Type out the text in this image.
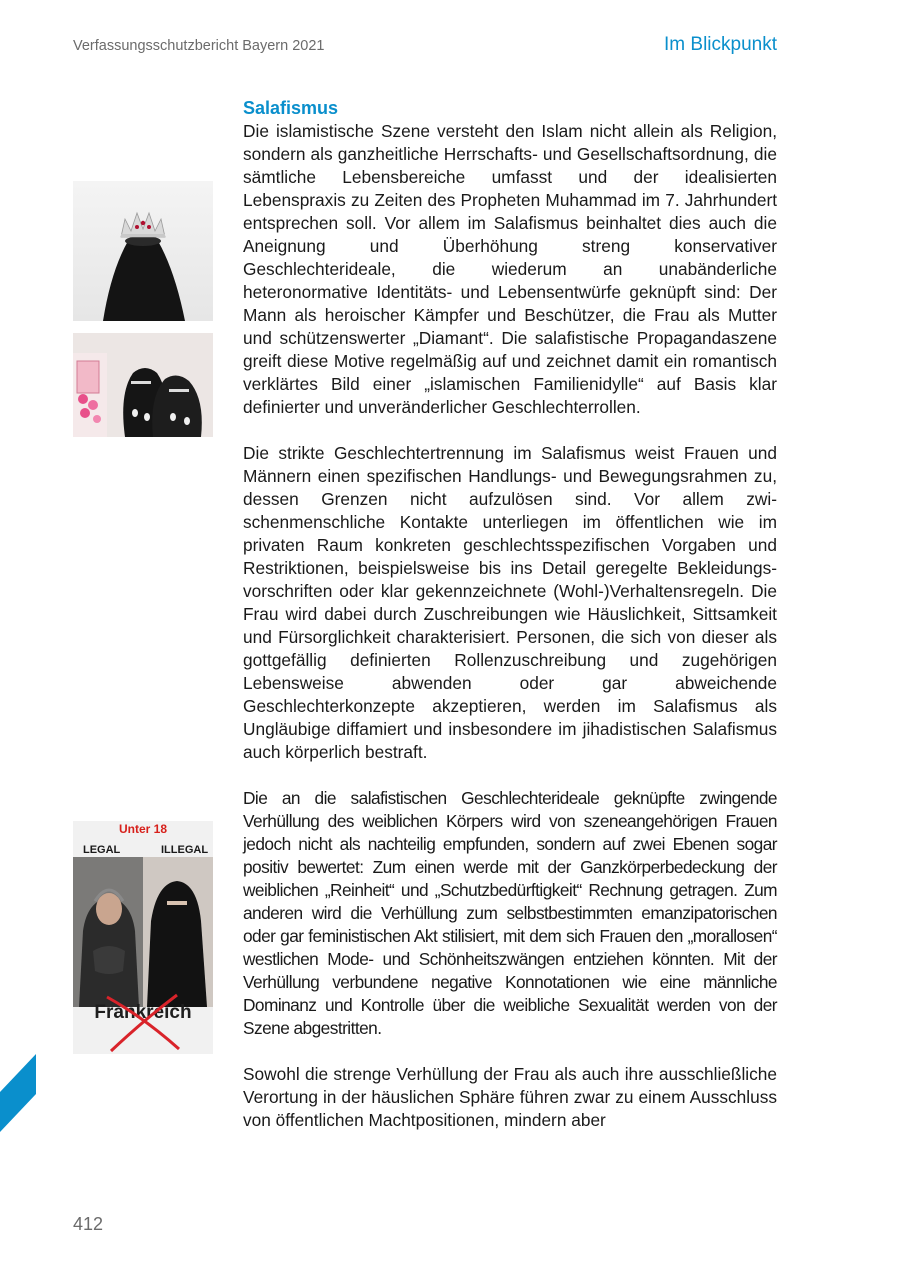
Verfassungsschutzbericht Bayern 2021	Im Blickpunkt
Unter 18
LEGAL	ILLEGAL
Frankreich
Salafismus

Die islamistische Szene versteht den Islam nicht allein als Religion, sondern als ganzheitliche Herrschafts- und Gesellschaftsordnung, die sämtliche Lebensbereiche umfasst und der idealisierten Lebenspraxis zu Zeiten des Propheten Muhammad im 7. Jahrhundert entsprechen soll. Vor allem im Salafismus beinhaltet dies auch die Aneignung und Überhöhung streng konservativer Geschlechterideale, die wiederum an unabänderliche heteronormative Identitäts- und Lebensentwürfe geknüpft sind: Der Mann als heroischer Kämpfer und Beschützer, die Frau als Mutter und schützenswerter „Diamant“. Die salafistische Propagandaszene greift diese Motive regelmäßig auf und zeichnet damit ein romantisch verklärtes Bild einer „islamischen Familienidylle“ auf Basis klar definierter und unveränderlicher Geschlechterrollen.

Die strikte Geschlechtertrennung im Salafismus weist Frauen und Männern einen spezifischen Handlungs- und Bewegungsrahmen zu, dessen Grenzen nicht aufzulösen sind. Vor allem zwischenmenschliche Kontakte unterliegen im öffentlichen wie im privaten Raum konkreten geschlechtsspezifischen Vorgaben und Restriktionen, beispielsweise bis ins Detail geregelte Bekleidungsvorschriften oder klar gekennzeichnete (Wohl-)Verhaltensregeln. Die Frau wird dabei durch Zuschreibungen wie Häuslichkeit, Sittsamkeit und Fürsorglichkeit charakterisiert. Personen, die sich von dieser als gottgefällig definierten Rollenzuschreibung und zugehörigen Lebensweise abwenden oder gar abweichende Geschlechterkonzepte akzeptieren, werden im Salafismus als Ungläubige diffamiert und insbesondere im jihadistischen Salafismus auch körperlich bestraft.

Die an die salafistischen Geschlechterideale geknüpfte zwingende Verhüllung des weiblichen Körpers wird von szeneangehörigen Frauen jedoch nicht als nachteilig empfunden, sondern auf zwei Ebenen sogar positiv bewertet: Zum einen werde mit der Ganzkörperbedeckung der weiblichen „Reinheit“ und „Schutzbedürftigkeit“ Rechnung getragen. Zum anderen wird die Verhüllung zum selbstbestimmten emanzipatorischen oder gar feministischen Akt stilisiert, mit dem sich Frauen den „morallosen“ westlichen Mode- und Schönheitszwängen entziehen könnten. Mit der Verhüllung verbundene negative Konnotationen wie eine männliche Dominanz und Kontrolle über die weibliche Sexualität werden von der Szene abgestritten.

Sowohl die strenge Verhüllung der Frau als auch ihre ausschließliche Verortung in der häuslichen Sphäre führen zwar zu einem Ausschluss von öffentlichen Machtpositionen, mindern aber

412
